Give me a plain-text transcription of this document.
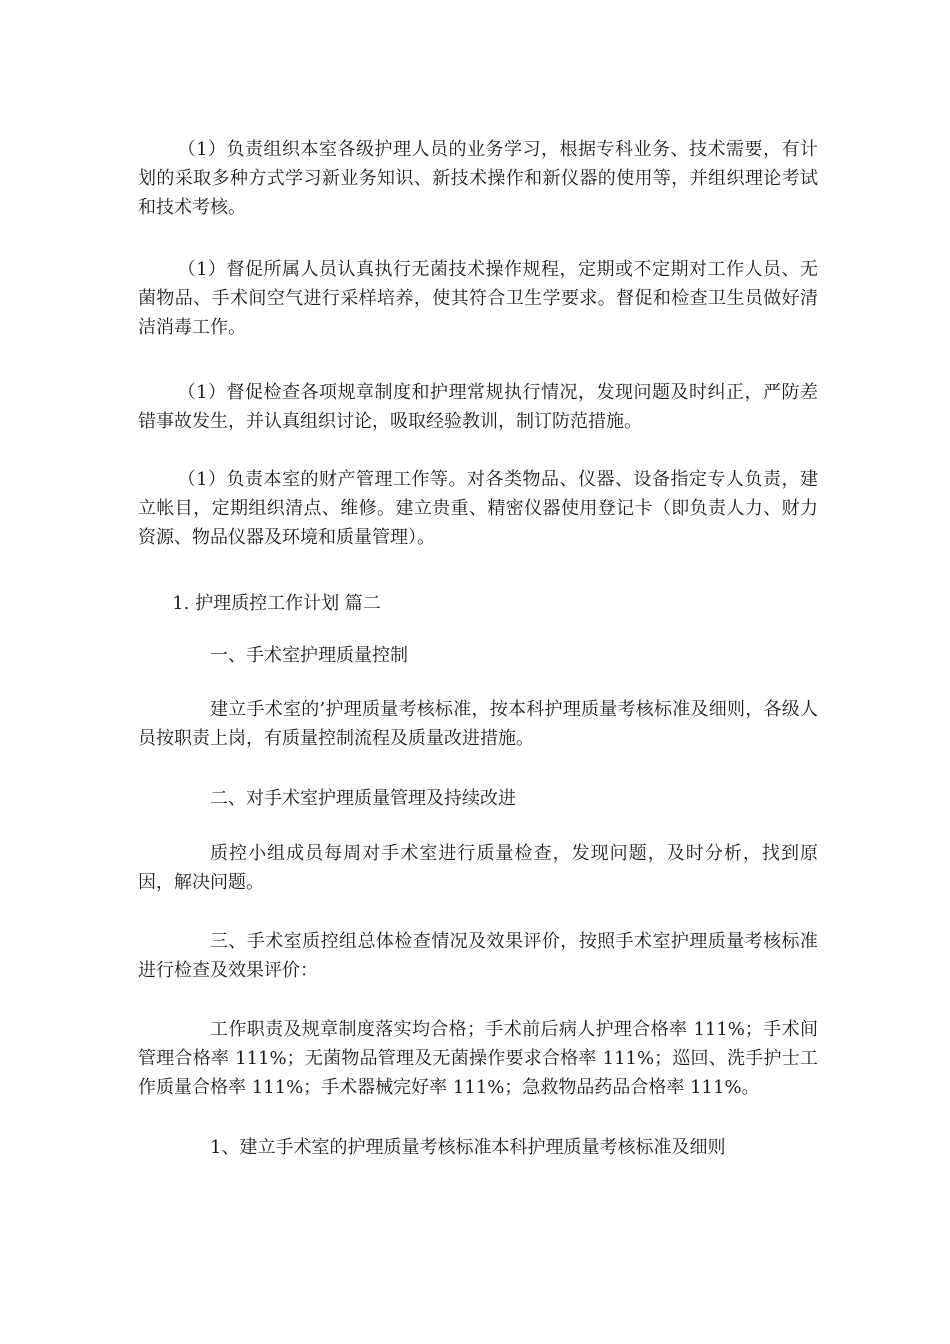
（1）负责组织本室各级护理人员的业务学习，根据专科业务、技术需要，有计划的采取多种方式学习新业务知识、新技术操作和新仪器的使用等，并组织理论考试和技术考核。

（1）督促所属人员认真执行无菌技术操作规程，定期或不定期对工作人员、无菌物品、手术间空气进行采样培养，使其符合卫生学要求。督促和检查卫生员做好清洁消毒工作。

（1）督促检查各项规章制度和护理常规执行情况，发现问题及时纠正，严防差错事故发生，并认真组织讨论，吸取经验教训，制订防范措施。

（1）负责本室的财产管理工作等。对各类物品、仪器、设备指定专人负责，建立帐目，定期组织清点、维修。建立贵重、精密仪器使用登记卡（即负责人力、财力资源、物品仪器及环境和质量管理）。

1. 护理质控工作计划 篇二

一、手术室护理质量控制

建立手术室的’护理质量考核标准，按本科护理质量考核标准及细则，各级人员按职责上岗，有质量控制流程及质量改进措施。

二、对手术室护理质量管理及持续改进

质控小组成员每周对手术室进行质量检查，发现问题，及时分析，找到原因，解决问题。

三、手术室质控组总体检查情况及效果评价，按照手术室护理质量考核标准进行检查及效果评价：

工作职责及规章制度落实均合格；手术前后病人护理合格率 111%；手术间管理合格率 111%；无菌物品管理及无菌操作要求合格率 111%；巡回、洗手护士工作质量合格率 111%；手术器械完好率 111%；急救物品药品合格率 111%。

1、建立手术室的护理质量考核标准本科护理质量考核标准及细则
